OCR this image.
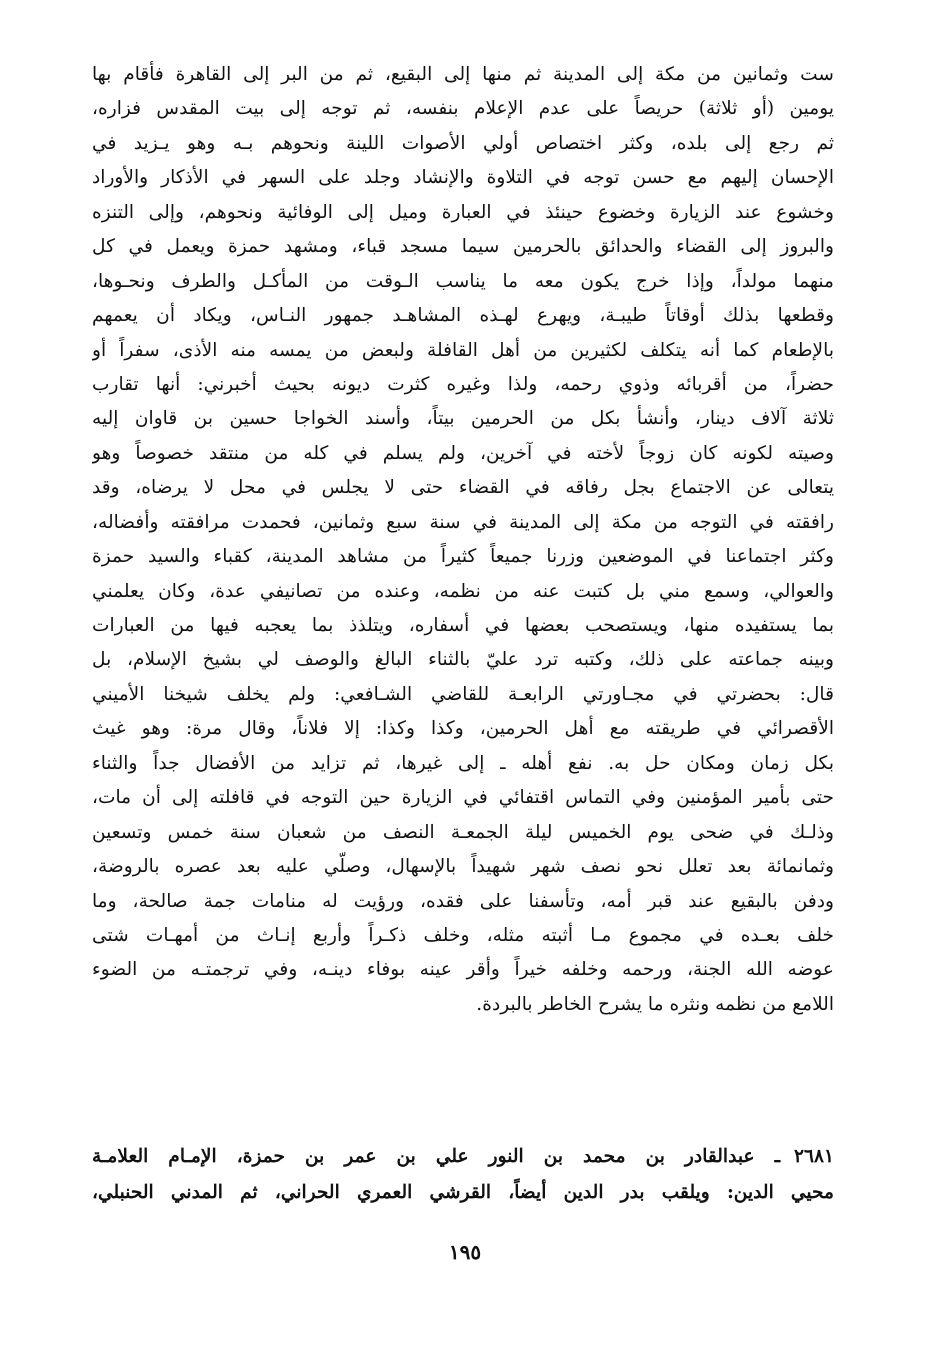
ست وثمانين من مكة إلى المدينة ثم منها إلى البقيع، ثم من البر إلى القاهرة فأقام بها
يومين (أو ثلاثة) حريصاً على عدم الإعلام بنفسه، ثم توجه إلى بيت المقدس فزاره،
ثم رجع إلى بلده، وكثر اختصاص أولي الأصوات اللينة ونحوهم بـه وهو يـزيد في
الإحسان إليهم مع حسن توجه في التلاوة والإنشاد وجلد على السهر في الأذكار والأوراد
وخشوع عند الزيارة وخضوع حينئذ في العبارة وميل إلى الوفائية ونحوهم، وإلى التنزه
والبروز إلى القضاء والحدائق بالحرمين سيما مسجد قباء، ومشهد حمزة ويعمل في كل
منهما مولداً، وإذا خرج يكون معه ما يناسب الـوقت من المأكـل والطرف ونحـوها،
وقطعها بذلك أوقاتاً طيبـة، ويهرع لهـذه المشاهـد جمهور النـاس، ويكاد أن يعمهم
بالإطعام كما أنه يتكلف لكثيرين من أهل القافلة ولبعض من يمسه منه الأذى، سفراً أو
حضراً، من أقربائه وذوي رحمه، ولذا وغيره كثرت ديونه بحيث أخبرني: أنها تقارب
ثلاثة آلاف دينار، وأنشأ بكل من الحرمين بيتاً، وأسند الخواجا حسين بن قاوان إليه
وصيته لكونه كان زوجاً لأخته في آخرين، ولم يسلم في كله من منتقد خصوصاً وهو
يتعالى عن الاجتماع بجل رفاقه في القضاء حتى لا يجلس في محل لا يرضاه، وقد
رافقته في التوجه من مكة إلى المدينة في سنة سبع وثمانين، فحمدت مرافقته وأفضاله،
وكثر اجتماعنا في الموضعين وزرنا جميعاً كثيراً من مشاهد المدينة، كقباء والسيد حمزة
والعوالي، وسمع مني بل كتبت عنه من نظمه، وعنده من تصانيفي عدة، وكان يعلمني
بما يستفيده منها، ويستصحب بعضها في أسفاره، ويتلذذ بما يعجبه فيها من العبارات
وبينه جماعته على ذلك، وكتبه ترد عليّ بالثناء البالغ والوصف لي بشيخ الإسلام، بل
قال: بحضرتي في مجـاورتي الرابعـة للقاضي الشـافعي: ولم يخلف شيخنا الأميني
الأقصرائي في طريقته مع أهل الحرمين، وكذا وكذا: إلا فلاناً، وقال مرة: وهو غيث
بكل زمان ومكان حل به. نفع أهله ـ إلى غيرها، ثم تزايد من الأفضال جداً والثناء
حتى بأمير المؤمنين وفي التماس اقتفائي في الزيارة حين التوجه في قافلته إلى أن مات،
وذلـك في ضحى يوم الخميس ليلة الجمعـة النصف من شعبان سنة خمس وتسعين
وثمانمائة بعد تعلل نحو نصف شهر شهيداً بالإسهال، وصلّي عليه بعد عصره بالروضة،
ودفن بالبقيع عند قبر أمه، وتأسفنا على فقده، ورؤيت له منامات جمة صالحة، وما
خلف بعـده في مجموع مـا أثبته مثله، وخلف ذكـراً وأربع إنـاث من أمهـات شتى
عوضه الله الجنة، ورحمه وخلفه خيراً وأقر عينه بوفاء دينـه، وفي ترجمتـه من الضوء
اللامع من نظمه ونثره ما يشرح الخاطر بالبردة.
٢٦٨١ـ عبدالقادر بن محمد بن النور علي بن عمر بن حمزة، الإمـام العلامـة
محيي الدين: ويلقب بدر الدين أيضاً، القرشي العمري الحراني، ثم المدني الحنبلي،
١٩٥
